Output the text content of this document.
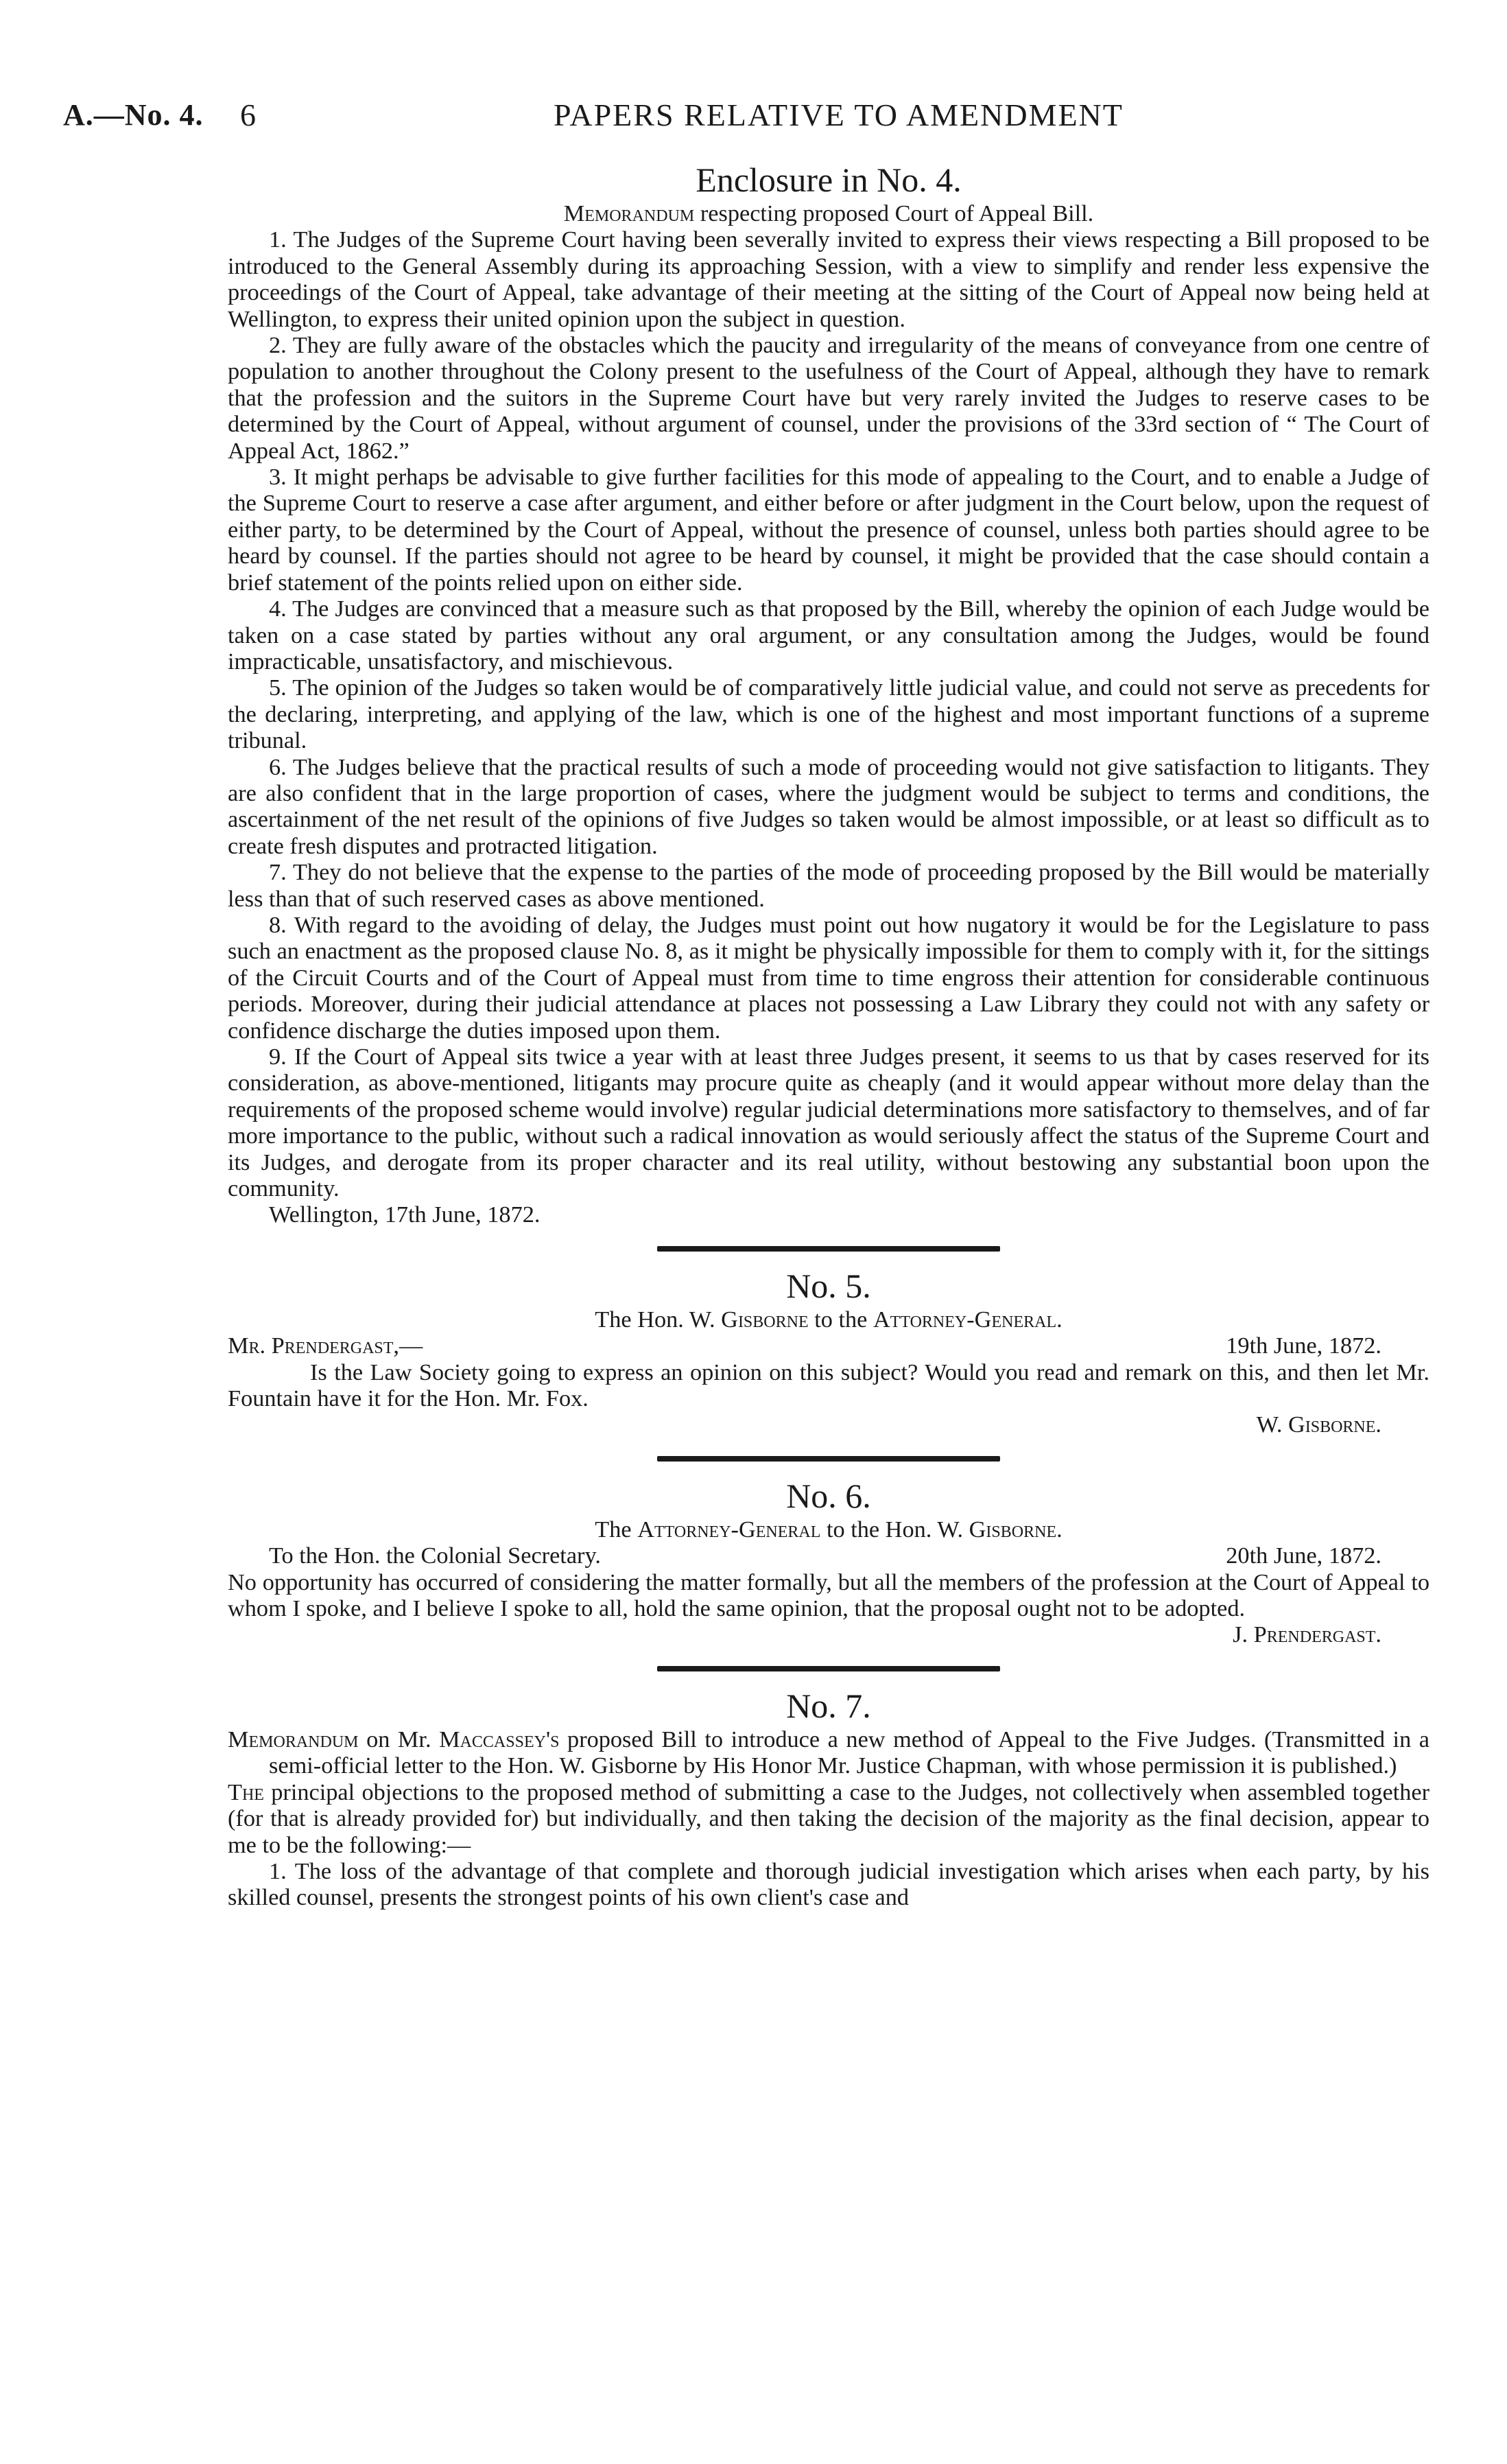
A.—No. 4. 6	PAPERS RELATIVE TO AMENDMENT
Enclosure in No. 4.
Memorandum respecting proposed Court of Appeal Bill.

1. The Judges of the Supreme Court having been severally invited to express their views respecting a Bill proposed to be introduced to the General Assembly during its approaching Session, with a view to simplify and render less expensive the proceedings of the Court of Appeal, take advantage of their meeting at the sitting of the Court of Appeal now being held at Wellington, to express their united opinion upon the subject in question.

2. They are fully aware of the obstacles which the paucity and irregularity of the means of conveyance from one centre of population to another throughout the Colony present to the usefulness of the Court of Appeal, although they have to remark that the profession and the suitors in the Supreme Court have but very rarely invited the Judges to reserve cases to be determined by the Court of Appeal, without argument of counsel, under the provisions of the 33rd section of “ The Court of Appeal Act, 1862.”

3. It might perhaps be advisable to give further facilities for this mode of appealing to the Court, and to enable a Judge of the Supreme Court to reserve a case after argument, and either before or after judgment in the Court below, upon the request of either party, to be determined by the Court of Appeal, without the presence of counsel, unless both parties should agree to be heard by counsel. If the parties should not agree to be heard by counsel, it might be provided that the case should contain a brief statement of the points relied upon on either side.

4. The Judges are convinced that a measure such as that proposed by the Bill, whereby the opinion of each Judge would be taken on a case stated by parties without any oral argument, or any consultation among the Judges, would be found impracticable, unsatisfactory, and mischievous.

5. The opinion of the Judges so taken would be of comparatively little judicial value, and could not serve as precedents for the declaring, interpreting, and applying of the law, which is one of the highest and most important functions of a supreme tribunal.

6. The Judges believe that the practical results of such a mode of proceeding would not give satisfaction to litigants. They are also confident that in the large proportion of cases, where the judgment would be subject to terms and conditions, the ascertainment of the net result of the opinions of five Judges so taken would be almost impossible, or at least so difficult as to create fresh disputes and protracted litigation.

7. They do not believe that the expense to the parties of the mode of proceeding proposed by the Bill would be materially less than that of such reserved cases as above mentioned.

8. With regard to the avoiding of delay, the Judges must point out how nugatory it would be for the Legislature to pass such an enactment as the proposed clause No. 8, as it might be physically impossible for them to comply with it, for the sittings of the Circuit Courts and of the Court of Appeal must from time to time engross their attention for considerable continuous periods. Moreover, during their judicial attendance at places not possessing a Law Library they could not with any safety or confidence discharge the duties imposed upon them.

9. If the Court of Appeal sits twice a year with at least three Judges present, it seems to us that by cases reserved for its consideration, as above-mentioned, litigants may procure quite as cheaply (and it would appear without more delay than the requirements of the proposed scheme would involve) regular judicial determinations more satisfactory to themselves, and of far more importance to the public, without such a radical innovation as would seriously affect the status of the Supreme Court and its Judges, and derogate from its proper character and its real utility, without bestowing any substantial boon upon the community.

Wellington, 17th June, 1872.

No. 5.
The Hon. W. Gisborne to the Attorney-General.
Mr. Prendergast,—	19th June, 1872.

Is the Law Society going to express an opinion on this subject? Would you read and remark on this, and then let Mr. Fountain have it for the Hon. Mr. Fox.

W. Gisborne.
No. 6.
The Attorney-General to the Hon. W. Gisborne.
To the Hon. the Colonial Secretary.	20th June, 1872.

No opportunity has occurred of considering the matter formally, but all the members of the profession at the Court of Appeal to whom I spoke, and I believe I spoke to all, hold the same opinion, that the proposal ought not to be adopted.

J. Prendergast.
No. 7.

Memorandum on Mr. Maccassey's proposed Bill to introduce a new method of Appeal to the Five Judges. (Transmitted in a semi-official letter to the Hon. W. Gisborne by His Honor Mr. Justice Chapman, with whose permission it is published.)

The principal objections to the proposed method of submitting a case to the Judges, not collectively when assembled together (for that is already provided for) but individually, and then taking the decision of the majority as the final decision, appear to me to be the following:—

1. The loss of the advantage of that complete and thorough judicial investigation which arises when each party, by his skilled counsel, presents the strongest points of his own client's case and
